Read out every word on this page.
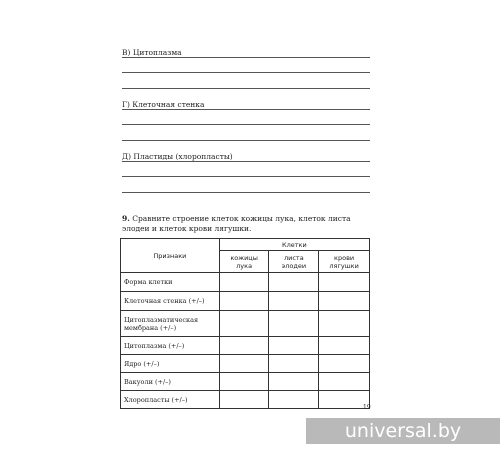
В) Цитоплазма
Г) Клеточная стенка
Д) Пластиды (хлоропласты)
9. Сравните строение клеток кожицы лука, клеток листа элодеи и клеток крови лягушки.
Признаки	Клетки		
	кожицы лука	листа элодеи	крови лягушки
Форма клетки			
Клеточная стенка (+/–)			
Цитоплазматическая мембрана (+/–)			
Цитоплазма (+/–)			
Ядро (+/–)			
Вакуоли (+/–)			
Хлоропласты (+/–)			
19
universal.by
